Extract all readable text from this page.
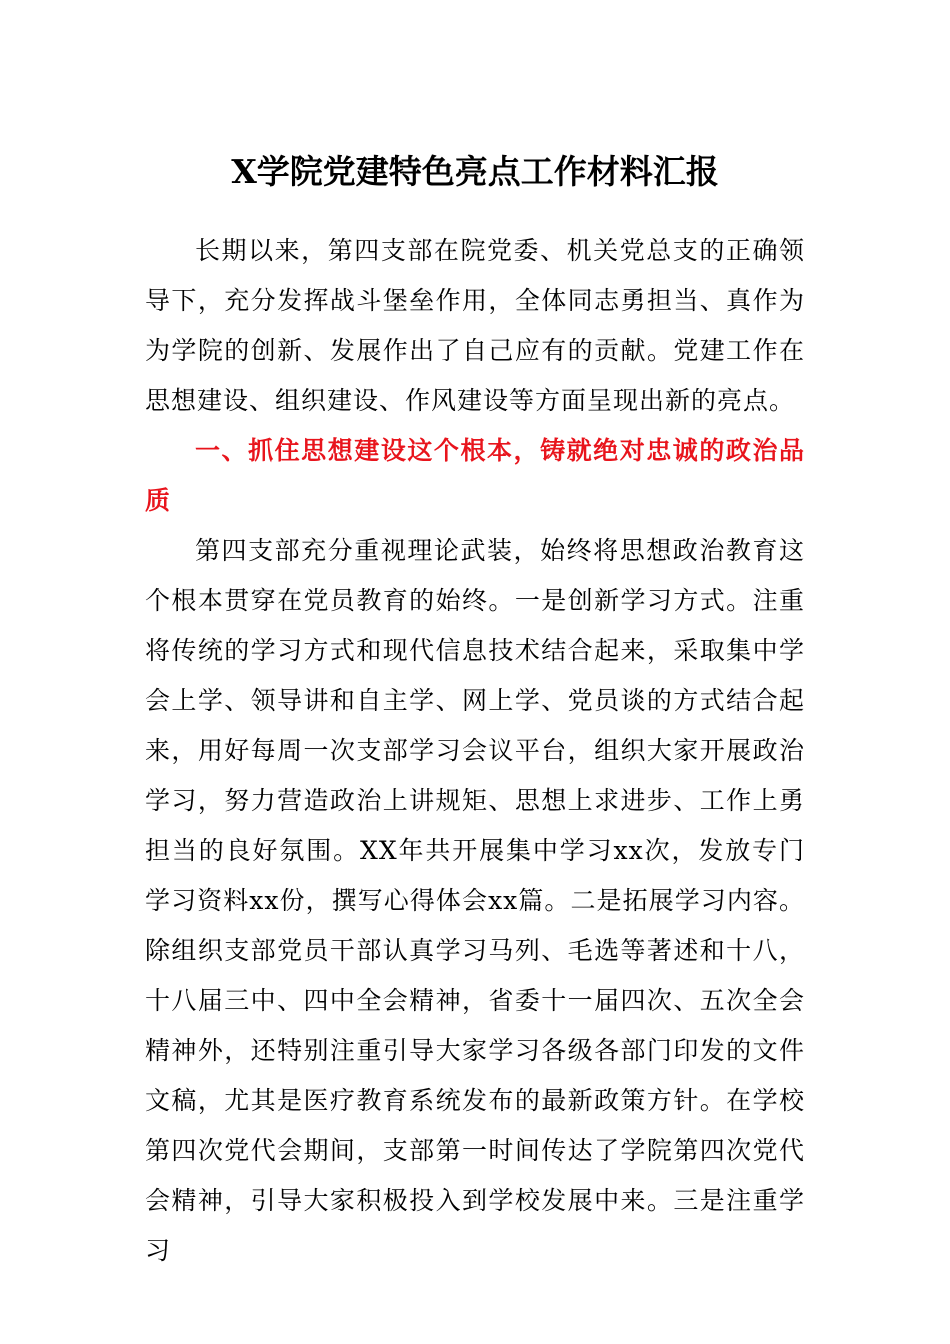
X学院党建特色亮点工作材料汇报

长期以来，第四支部在院党委、机关党总支的正确领导下，充分发挥战斗堡垒作用，全体同志勇担当、真作为为学院的创新、发展作出了自己应有的贡献。党建工作在思想建设、组织建设、作风建设等方面呈现出新的亮点。

一、抓住思想建设这个根本，铸就绝对忠诚的政治品质

第四支部充分重视理论武装，始终将思想政治教育这个根本贯穿在党员教育的始终。一是创新学习方式。注重将传统的学习方式和现代信息技术结合起来，采取集中学会上学、领导讲和自主学、网上学、党员谈的方式结合起来，用好每周一次支部学习会议平台，组织大家开展政治学习，努力营造政治上讲规矩、思想上求进步、工作上勇担当的良好氛围。XX年共开展集中学习xx次，发放专门学习资料xx份，撰写心得体会xx篇。二是拓展学习内容。除组织支部党员干部认真学习马列、毛选等著述和十八，十八届三中、四中全会精神，省委十一届四次、五次全会精神外，还特别注重引导大家学习各级各部门印发的文件文稿，尤其是医疗教育系统发布的最新政策方针。在学校第四次党代会期间，支部第一时间传达了学院第四次党代会精神，引导大家积极投入到学校发展中来。三是注重学习
